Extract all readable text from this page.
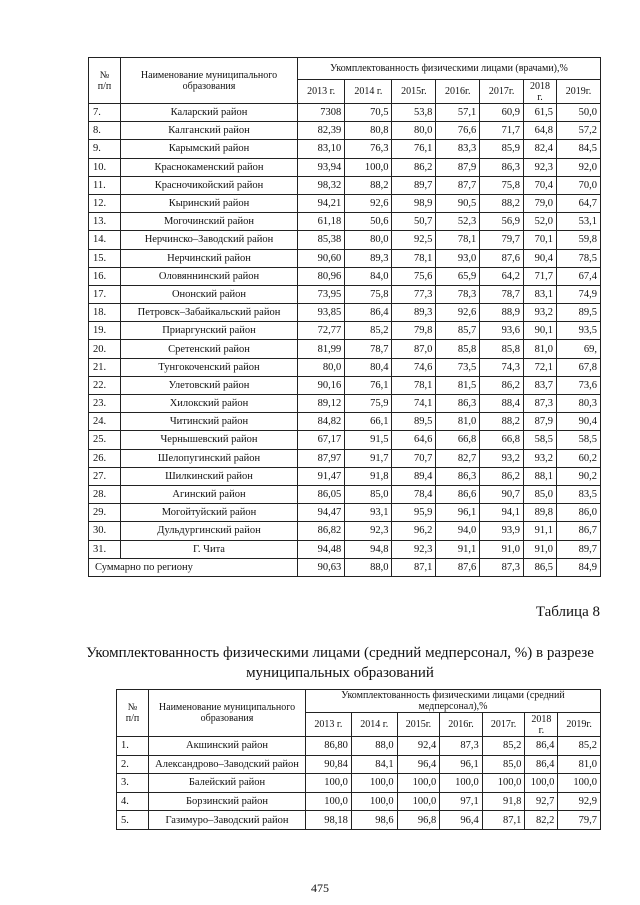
№
п/п	Наименование муниципального образования	Укомплектованность физическими лицами (врачами),%						
		2013 г.	2014 г.	2015г.	2016г.	2017г.	2018 г.	2019г.
7.	Каларский район	7308	70,5	53,8	57,1	60,9	61,5	50,0
8.	Калганский район	82,39	80,8	80,0	76,6	71,7	64,8	57,2
9.	Карымский район	83,10	76,3	76,1	83,3	85,9	82,4	84,5
10.	Краснокаменский район	93,94	100,0	86,2	87,9	86,3	92,3	92,0
11.	Красночикойский район	98,32	88,2	89,7	87,7	75,8	70,4	70,0
12.	Кыринский район	94,21	92,6	98,9	90,5	88,2	79,0	64,7
13.	Могочинский район	61,18	50,6	50,7	52,3	56,9	52,0	53,1
14.	Нерчинско–Заводский район	85,38	80,0	92,5	78,1	79,7	70,1	59,8
15.	Нерчинский район	90,60	89,3	78,1	93,0	87,6	90,4	78,5
16.	Оловяннинский район	80,96	84,0	75,6	65,9	64,2	71,7	67,4
17.	Ононский район	73,95	75,8	77,3	78,3	78,7	83,1	74,9
18.	Петровск–Забайкальский район	93,85	86,4	89,3	92,6	88,9	93,2	89,5
19.	Приаргунский район	72,77	85,2	79,8	85,7	93,6	90,1	93,5
20.	Сретенский район	81,99	78,7	87,0	85,8	85,8	81,0	69,
21.	Тунгокоченский район	80,0	80,4	74,6	73,5	74,3	72,1	67,8
22.	Улетовский район	90,16	76,1	78,1	81,5	86,2	83,7	73,6
23.	Хилокский район	89,12	75,9	74,1	86,3	88,4	87,3	80,3
24.	Читинский район	84,82	66,1	89,5	81,0	88,2	87,9	90,4
25.	Чернышевский район	67,17	91,5	64,6	66,8	66,8	58,5	58,5
26.	Шелопугинский район	87,97	91,7	70,7	82,7	93,2	93,2	60,2
27.	Шилкинский район	91,47	91,8	89,4	86,3	86,2	88,1	90,2
28.	Агинский район	86,05	85,0	78,4	86,6	90,7	85,0	83,5
29.	Могойтуйский район	94,47	93,1	95,9	96,1	94,1	89,8	86,0
30.	Дульдургинский район	86,82	92,3	96,2	94,0	93,9	91,1	86,7
31.	Г. Чита	94,48	94,8	92,3	91,1	91,0	91,0	89,7
Суммарно по региону		90,63	88,0	87,1	87,6	87,3	86,5	84,9
Таблица 8
Укомплектованность физическими лицами (средний медперсонал, %) в разрезе муниципальных образований
№
п/п	Наименование муниципального образования	Укомплектованность физическими лицами (средний медперсонал),%						
		2013 г.	2014 г.	2015г.	2016г.	2017г.	2018 г.	2019г.
1.	Акшинский район	86,80	88,0	92,4	87,3	85,2	86,4	85,2
2.	Александрово–Заводский район	90,84	84,1	96,4	96,1	85,0	86,4	81,0
3.	Балейский район	100,0	100,0	100,0	100,0	100,0	100,0	100,0
4.	Борзинский район	100,0	100,0	100,0	97,1	91,8	92,7	92,9
5.	Газимуро–Заводский район	98,18	98,6	96,8	96,4	87,1	82,2	79,7
475
